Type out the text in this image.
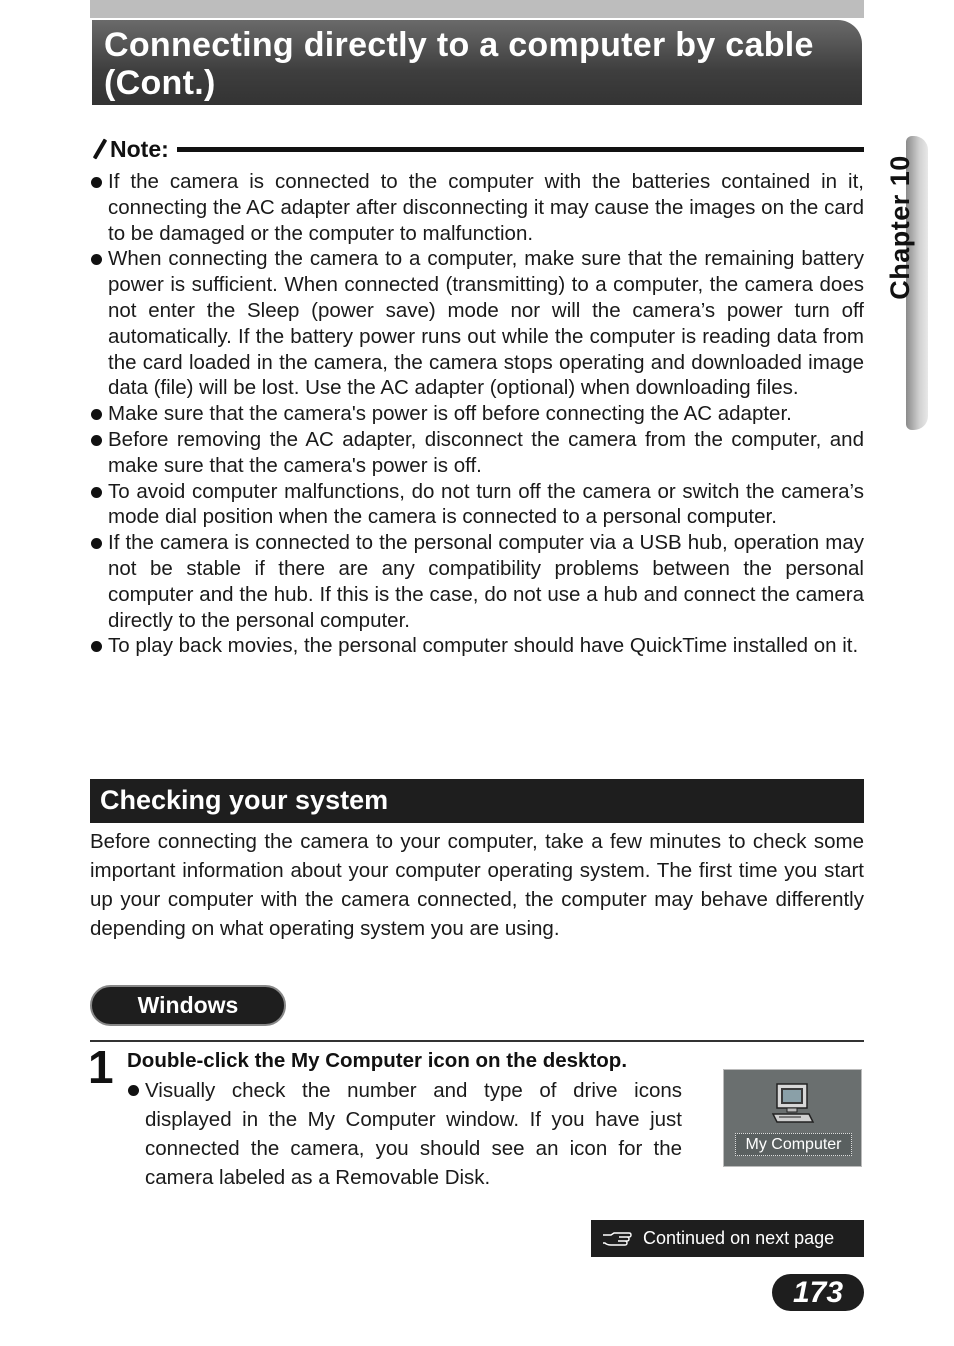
Connecting directly to a computer by cable (Cont.)
Chapter 10
Note:
If the camera is connected to the computer with the batteries contained in it, connecting the AC adapter after disconnecting it may cause the images on the card to be damaged or the computer to malfunction.
When connecting the camera to a computer, make sure that the remaining battery power is sufficient. When connected (transmitting) to a computer, the camera does not enter the Sleep (power save) mode nor will the camera’s power turn off automatically. If the battery power runs out while the computer is reading data from the card loaded in the camera, the camera stops operating and downloaded image data (file) will be lost. Use the AC adapter (optional) when downloading files.
Make sure that the camera's power is off before connecting the AC adapter.
Before removing the AC adapter, disconnect the camera from the computer, and make sure that the camera's power is off.
To avoid computer malfunctions, do not turn off the camera or switch the camera’s mode dial position when the camera is connected to a personal computer.
If the camera is connected to the personal computer via a USB hub, operation may not be stable if there are any compatibility problems between the personal computer and the hub. If this is the case, do not use a hub and connect the camera directly to the personal computer.
To play back movies, the personal computer should have QuickTime installed on it.
Checking your system

Before connecting the camera to your computer, take a few minutes to check some important information about your computer operating system. The first time you start up your computer with the camera connected, the computer may behave differently depending on what operating system you are using.

Windows
1 Double-click the My Computer icon on the desktop.
Visually check the number and type of drive icons displayed in the My Computer window. If you have just connected the camera, you should see an icon for the camera labeled as a Removable Disk.
My Computer
Continued on next page
173
